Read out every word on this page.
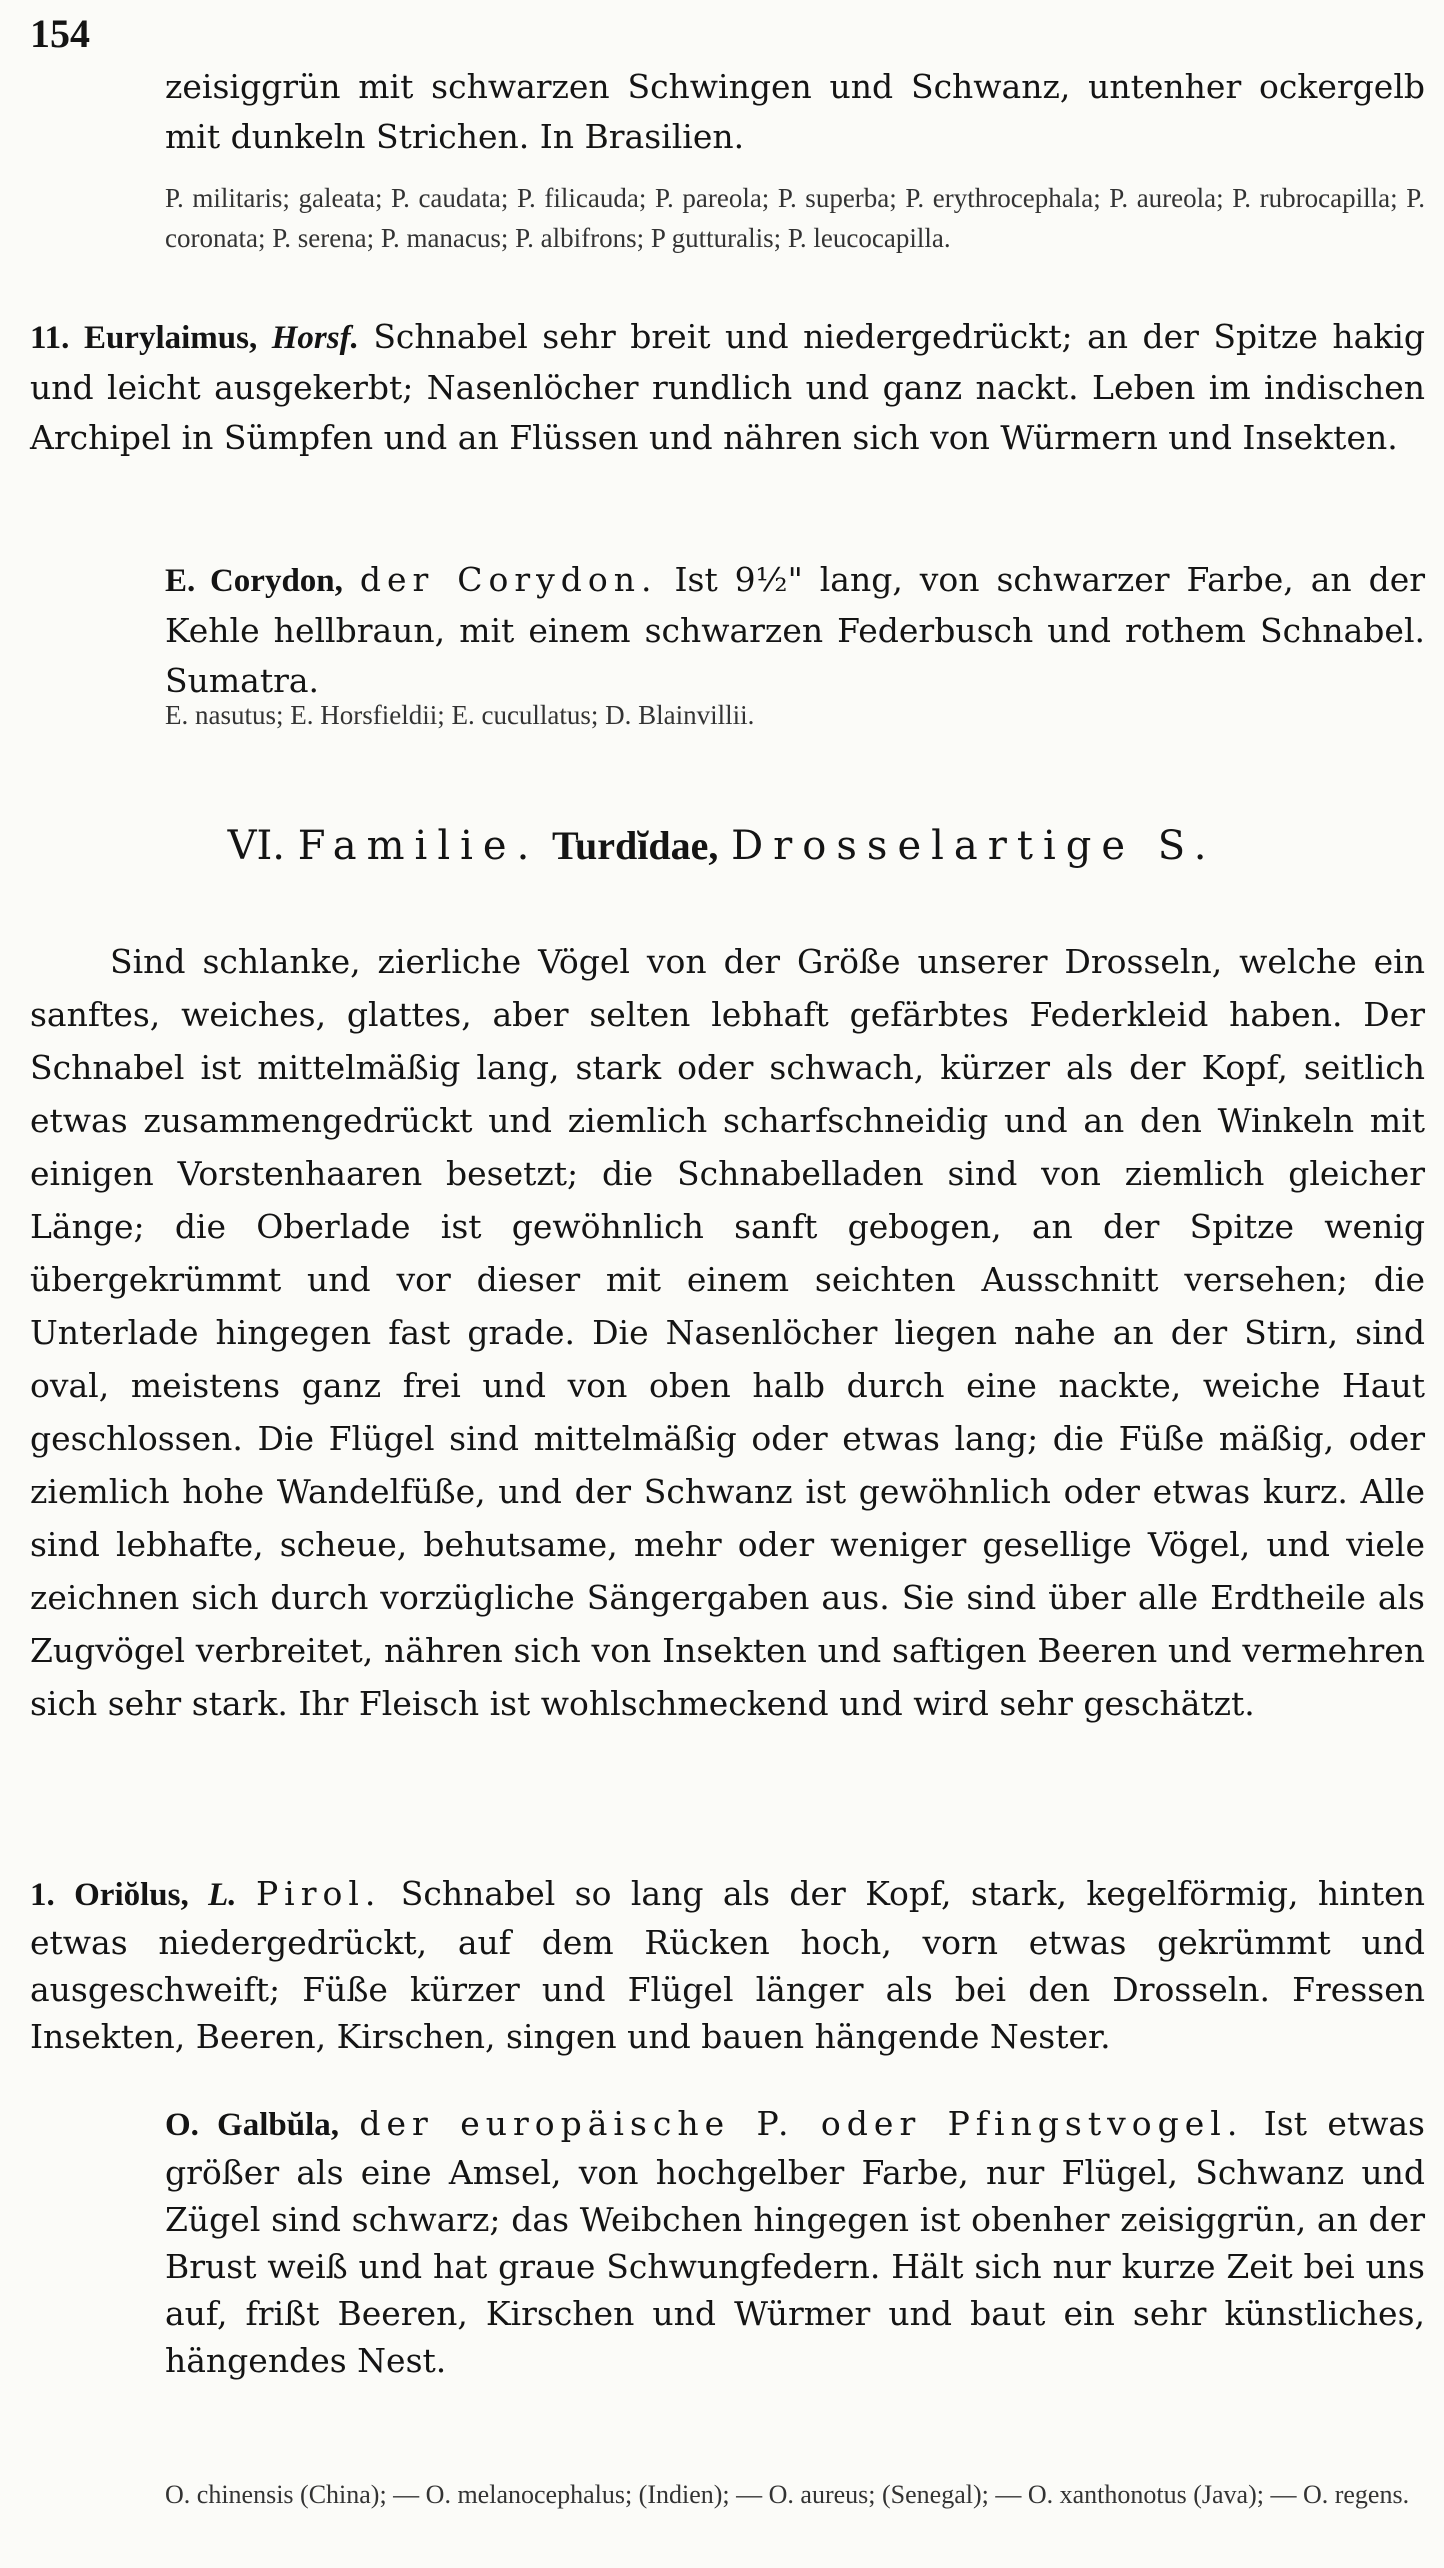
154
zeisiggrün mit schwarzen Schwingen und Schwanz, untenher ockergelb mit dunkeln Strichen. In Brasilien.
P. militaris; galeata; P. caudata; P. filicauda; P. pareola; P. superba; P. erythrocephala; P. aureola; P. rubrocapilla; P. coronata; P. serena; P. manacus; P. albifrons; P gutturalis; P. leucocapilla.
11. Eurylaimus, Horsf. Schnabel sehr breit und niedergedrückt; an der Spitze hakig und leicht ausgekerbt; Nasenlöcher rundlich und ganz nackt. Leben im indischen Archipel in Sümpfen und an Flüssen und nähren sich von Würmern und Insekten.
E. Corydon, der Corydon. Ist 9½" lang, von schwarzer Farbe, an der Kehle hellbraun, mit einem schwarzen Federbusch und rothem Schnabel. Sumatra.
E. nasutus; E. Horsfieldii; E. cucullatus; D. Blainvillii.
VI. Familie. Turdĭdae, Drosselartige S.
Sind schlanke, zierliche Vögel von der Größe unserer Drosseln, welche ein sanftes, weiches, glattes, aber selten lebhaft gefärbtes Federkleid haben. Der Schnabel ist mittelmäßig lang, stark oder schwach, kürzer als der Kopf, seitlich etwas zusammengedrückt und ziemlich scharfschneidig und an den Winkeln mit einigen Vorstenhaaren besetzt; die Schnabelladen sind von ziemlich gleicher Länge; die Oberlade ist gewöhnlich sanft gebogen, an der Spitze wenig übergekrümmt und vor dieser mit einem seichten Ausschnitt versehen; die Unterlade hingegen fast grade. Die Nasenlöcher liegen nahe an der Stirn, sind oval, meistens ganz frei und von oben halb durch eine nackte, weiche Haut geschlossen. Die Flügel sind mittelmäßig oder etwas lang; die Füße mäßig, oder ziemlich hohe Wandelfüße, und der Schwanz ist gewöhnlich oder etwas kurz. Alle sind lebhafte, scheue, behutsame, mehr oder weniger gesellige Vögel, und viele zeichnen sich durch vorzügliche Sängergaben aus. Sie sind über alle Erdtheile als Zugvögel verbreitet, nähren sich von Insekten und saftigen Beeren und vermehren sich sehr stark. Ihr Fleisch ist wohlschmeckend und wird sehr geschätzt.
1. Oriŏlus, L. Pirol. Schnabel so lang als der Kopf, stark, kegelförmig, hinten etwas niedergedrückt, auf dem Rücken hoch, vorn etwas gekrümmt und ausgeschweift; Füße kürzer und Flügel länger als bei den Drosseln. Fressen Insekten, Beeren, Kirschen, singen und bauen hängende Nester.
O. Galbŭla, der europäische P. oder Pfingstvogel. Ist etwas größer als eine Amsel, von hochgelber Farbe, nur Flügel, Schwanz und Zügel sind schwarz; das Weibchen hingegen ist obenher zeisiggrün, an der Brust weiß und hat graue Schwungfedern. Hält sich nur kurze Zeit bei uns auf, frißt Beeren, Kirschen und Würmer und baut ein sehr künstliches, hängendes Nest.
O. chinensis (China); — O. melanocephalus; (Indien); — O. aureus; (Senegal); — O. xanthonotus (Java); — O. regens.
